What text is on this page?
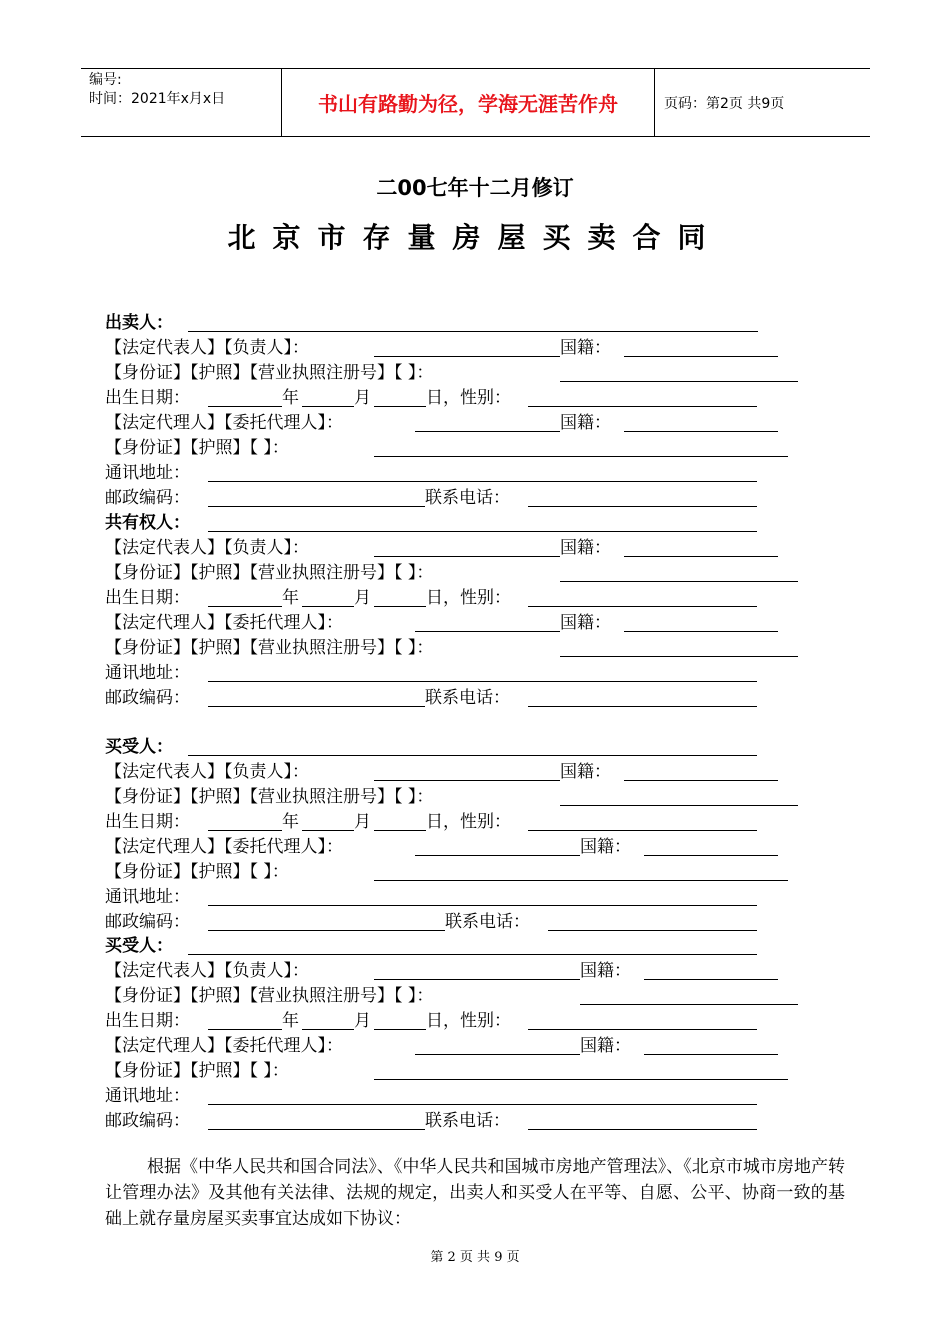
编号:
时间：2021年x月x日	书山有路勤为径，学海无涯苦作舟	页码：第2页 共9页
二00七年十二月修订
北京市存量房屋买卖合同
出卖人：
【法定代表人】【负责人】：	国籍：
【身份证】【护照】【营业执照注册号】【 】：
出生日期：	年	月	日，性别：
【法定代理人】【委托代理人】：	国籍：
【身份证】【护照】【 】：
通讯地址：
邮政编码：	联系电话：
共有权人：
【法定代表人】【负责人】：	国籍：
【身份证】【护照】【营业执照注册号】【 】：
出生日期：	年	月	日，性别：
【法定代理人】【委托代理人】：	国籍：
【身份证】【护照】【营业执照注册号】【 】：
通讯地址：
邮政编码：	联系电话：
买受人：
【法定代表人】【负责人】：	国籍：
【身份证】【护照】【营业执照注册号】【 】：
出生日期：	年	月	日，性别：
【法定代理人】【委托代理人】：	国籍：
【身份证】【护照】【 】：
通讯地址：
邮政编码：	联系电话：
买受人：
【法定代表人】【负责人】：	国籍：
【身份证】【护照】【营业执照注册号】【 】：
出生日期：	年	月	日，性别：
【法定代理人】【委托代理人】：	国籍：
【身份证】【护照】【 】：
通讯地址：
邮政编码：	联系电话：
根据《中华人民共和国合同法》、《中华人民共和国城市房地产管理法》、《北京市城市房地产转让管理办法》及其他有关法律、法规的规定，出卖人和买受人在平等、自愿、公平、协商一致的基础上就存量房屋买卖事宜达成如下协议：
第 2 页 共 9 页
